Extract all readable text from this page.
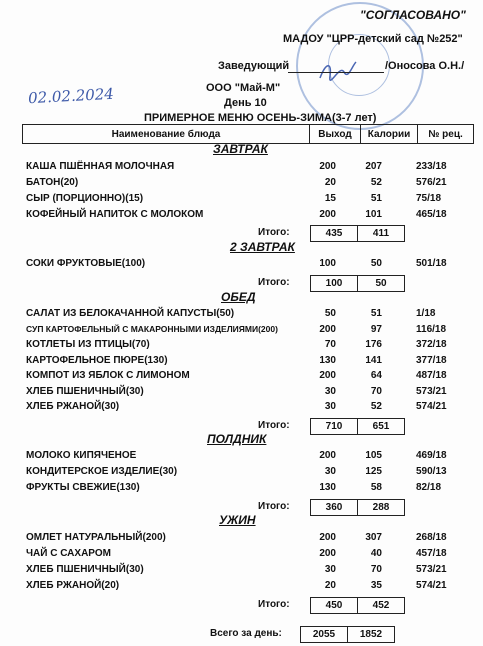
"СОГЛАСОВАНО"
МАДОУ "ЦРР-детский сад №252"
Заведующий	/Оносова О.Н./
ООО "Май-М"
День 10
ПРИМЕРНОЕ МЕНЮ ОСЕНЬ-ЗИМА(3-7 лет)
02.02.2024
Наименование блюда	Выход	Калории	№ рец.
ЗАВТРАК
КАША ПШЁННАЯ МОЛОЧНАЯ	200	207	233/18
БАТОН(20)	20	52	576/21
СЫР (ПОРЦИОННО)(15)	15	51	75/18
КОФЕЙНЫЙ НАПИТОК С МОЛОКОМ	200	101	465/18
Итого:	435	411
2 ЗАВТРАК
СОКИ ФРУКТОВЫЕ(100)	100	50	501/18
Итого:	100	50
ОБЕД
САЛАТ ИЗ БЕЛОКАЧАННОЙ КАПУСТЫ(50)	50	51	1/18
СУП КАРТОФЕЛЬНЫЙ С МАКАРОННЫМИ ИЗДЕЛИЯМИ(200)	200	97	116/18
КОТЛЕТЫ ИЗ ПТИЦЫ(70)	70	176	372/18
КАРТОФЕЛЬНОЕ ПЮРЕ(130)	130	141	377/18
КОМПОТ ИЗ ЯБЛОК С ЛИМОНОМ	200	64	487/18
ХЛЕБ ПШЕНИЧНЫЙ(30)	30	70	573/21
ХЛЕБ РЖАНОЙ(30)	30	52	574/21
Итого:	710	651
ПОЛДНИК
МОЛОКО КИПЯЧЕНОЕ	200	105	469/18
КОНДИТЕРСКОЕ ИЗДЕЛИЕ(30)	30	125	590/13
ФРУКТЫ СВЕЖИЕ(130)	130	58	82/18
Итого:	360	288
УЖИН
ОМЛЕТ НАТУРАЛЬНЫЙ(200)	200	307	268/18
ЧАЙ С САХАРОМ	200	40	457/18
ХЛЕБ ПШЕНИЧНЫЙ(30)	30	70	573/21
ХЛЕБ РЖАНОЙ(20)	20	35	574/21
Итого:	450	452
Всего за день:	2055	1852
